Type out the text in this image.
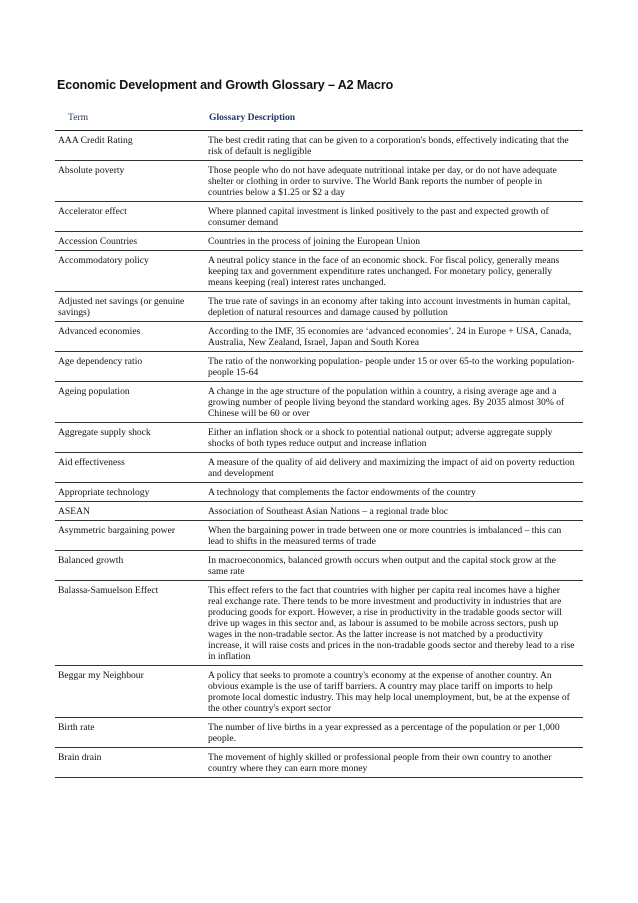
Economic Development and Growth Glossary – A2 Macro
Term	Glossary Description
AAA Credit Rating	The best credit rating that can be given to a corporation's bonds, effectively indicating that the risk of default is negligible
Absolute poverty	Those people who do not have adequate nutritional intake per day, or do not have adequate shelter or clothing in order to survive. The World Bank reports the number of people in countries below a $1.25 or $2 a day
Accelerator effect	Where planned capital investment is linked positively to the past and expected growth of consumer demand
Accession Countries	Countries in the process of joining the European Union
Accommodatory policy	A neutral policy stance in the face of an economic shock. For fiscal policy, generally means keeping tax and government expenditure rates unchanged. For monetary policy, generally means keeping (real) interest rates unchanged.
Adjusted net savings (or genuine savings)	The true rate of savings in an economy after taking into account investments in human capital, depletion of natural resources and damage caused by pollution
Advanced economies	According to the IMF, 35 economies are ‘advanced economies’. 24 in Europe + USA, Canada, Australia, New Zealand, Israel, Japan and South Korea
Age dependency ratio	The ratio of the nonworking population- people under 15 or over 65-to the working population- people 15-64
Ageing population	A change in the age structure of the population within a country, a rising average age and a growing number of people living beyond the standard working ages. By 2035 almost 30% of Chinese will be 60 or over
Aggregate supply shock	Either an inflation shock or a shock to potential national output; adverse aggregate supply shocks of both types reduce output and increase inflation
Aid effectiveness	A measure of the quality of aid delivery and maximizing the impact of aid on poverty reduction and development
Appropriate technology	A technology that complements the factor endowments of the country
ASEAN	Association of Southeast Asian Nations – a regional trade bloc
Asymmetric bargaining power	When the bargaining power in trade between one or more countries is imbalanced – this can lead to shifts in the measured terms of trade
Balanced growth	In macroeconomics, balanced growth occurs when output and the capital stock grow at the same rate
Balassa-Samuelson Effect	This effect refers to the fact that countries with higher per capita real incomes have a higher real exchange rate. There tends to be more investment and productivity in industries that are producing goods for export. However, a rise in productivity in the tradable goods sector will drive up wages in this sector and, as labour is assumed to be mobile across sectors, push up wages in the non-tradable sector. As the latter increase is not matched by a productivity increase, it will raise costs and prices in the non-tradable goods sector and thereby lead to a rise in inflation
Beggar my Neighbour	A policy that seeks to promote a country's economy at the expense of another country. An obvious example is the use of tariff barriers. A country may place tariff on imports to help promote local domestic industry. This may help local unemployment, but, be at the expense of the other country's export sector
Birth rate	The number of live births in a year expressed as a percentage of the population or per 1,000 people.
Brain drain	The movement of highly skilled or professional people from their own country to another country where they can earn more money
